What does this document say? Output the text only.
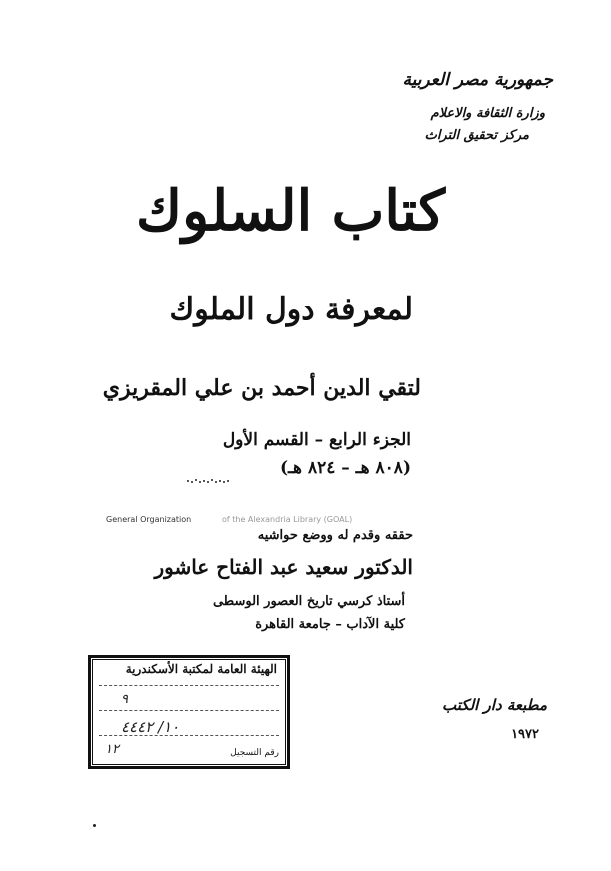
جمهورية مصر العربية
وزارة الثقافة والاعلام
مركز تحقيق التراث
كتاب السلوك
لمعرفة دول الملوك
لتقي الدين أحمد بن علي المقريزي
الجزء الرابع – القسم الأول
(٨٠٨ هـ – ٨٢٤ هـ)
General Organization	of the Alexandria Library (GOAL)
حققه وقدم له ووضع حواشيه
الدكتور سعيد عبد الفتاح عاشور
أستاذ كرسي تاريخ العصور الوسطى
كلية الآداب – جامعة القاهرة
مطبعة دار الكتب
١٩٧٢
الهيئة العامة لمكتبة الأسكندرية
٩
١٢
١٠/ ٤٤٤٢
رقم التسجيل
